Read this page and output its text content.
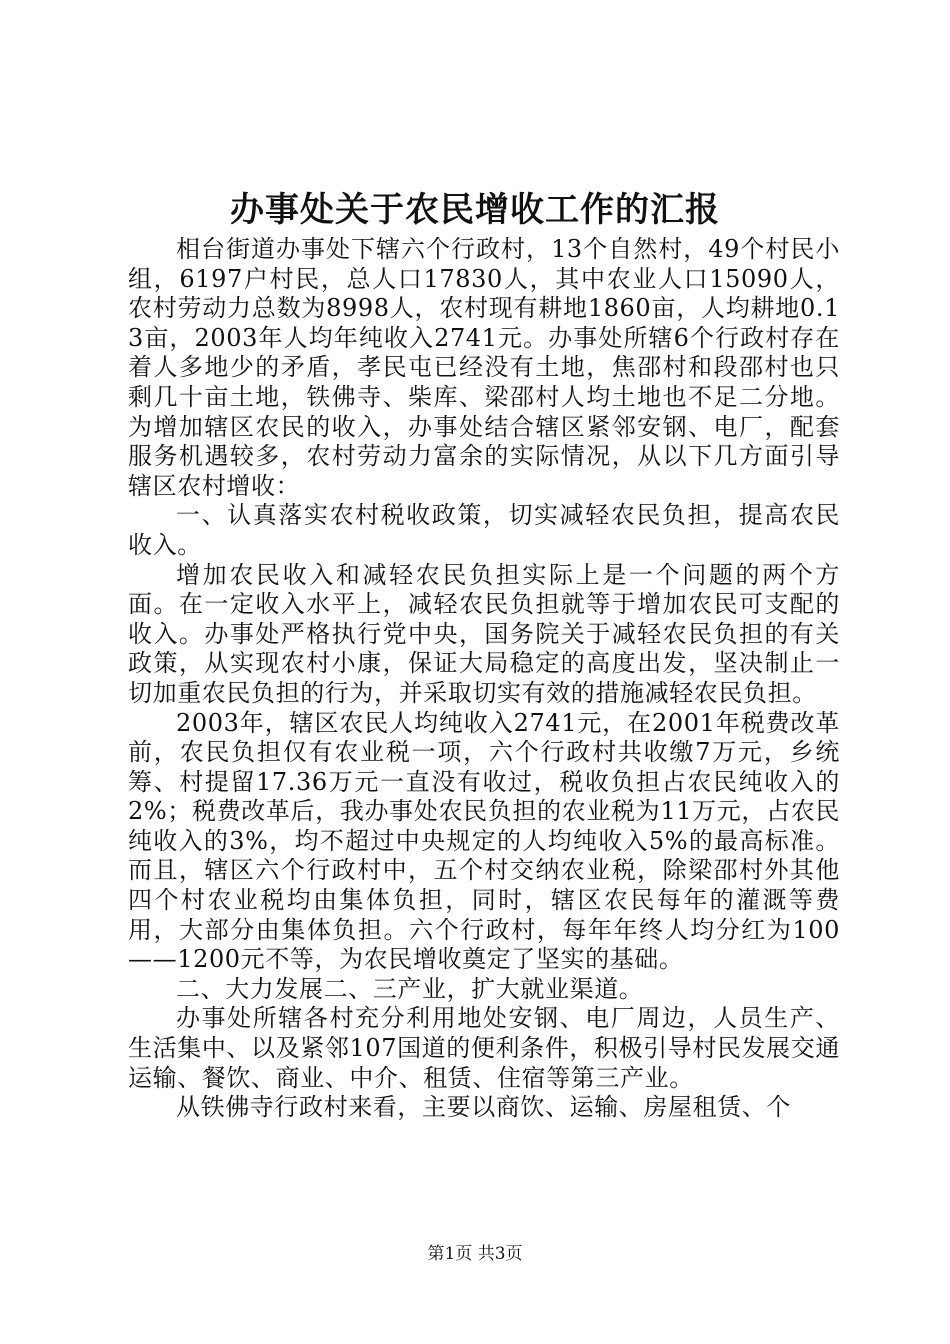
办事处关于农民增收工作的汇报

相台街道办事处下辖六个行政村，13个自然村，49个村民小组，6197户村民，总人口17830人，其中农业人口15090人，农村劳动力总数为8998人，农村现有耕地1860亩，人均耕地0.13亩，2003年人均年纯收入2741元。办事处所辖6个行政村存在着人多地少的矛盾，孝民屯已经没有土地，焦邵村和段邵村也只剩几十亩土地，铁佛寺、柴库、梁邵村人均土地也不足二分地。为增加辖区农民的收入，办事处结合辖区紧邻安钢、电厂，配套服务机遇较多，农村劳动力富余的实际情况，从以下几方面引导辖区农村增收：

一、认真落实农村税收政策，切实减轻农民负担，提高农民收入。

增加农民收入和减轻农民负担实际上是一个问题的两个方面。在一定收入水平上，减轻农民负担就等于增加农民可支配的收入。办事处严格执行党中央，国务院关于减轻农民负担的有关政策，从实现农村小康，保证大局稳定的高度出发，坚决制止一切加重农民负担的行为，并采取切实有效的措施减轻农民负担。

2003年，辖区农民人均纯收入2741元，在2001年税费改革前，农民负担仅有农业税一项，六个行政村共收缴7万元，乡统筹、村提留17.36万元一直没有收过，税收负担占农民纯收入的2%；税费改革后，我办事处农民负担的农业税为11万元，占农民纯收入的3%，均不超过中央规定的人均纯收入5%的最高标准。而且，辖区六个行政村中，五个村交纳农业税，除梁邵村外其他四个村农业税均由集体负担，同时，辖区农民每年的灌溉等费用，大部分由集体负担。六个行政村，每年年终人均分红为100——1200元不等，为农民增收奠定了坚实的基础。

二、大力发展二、三产业，扩大就业渠道。

办事处所辖各村充分利用地处安钢、电厂周边，人员生产、生活集中、以及紧邻107国道的便利条件，积极引导村民发展交通运输、餐饮、商业、中介、租赁、住宿等第三产业。

从铁佛寺行政村来看，主要以商饮、运输、房屋租赁、个

第1页 共3页
